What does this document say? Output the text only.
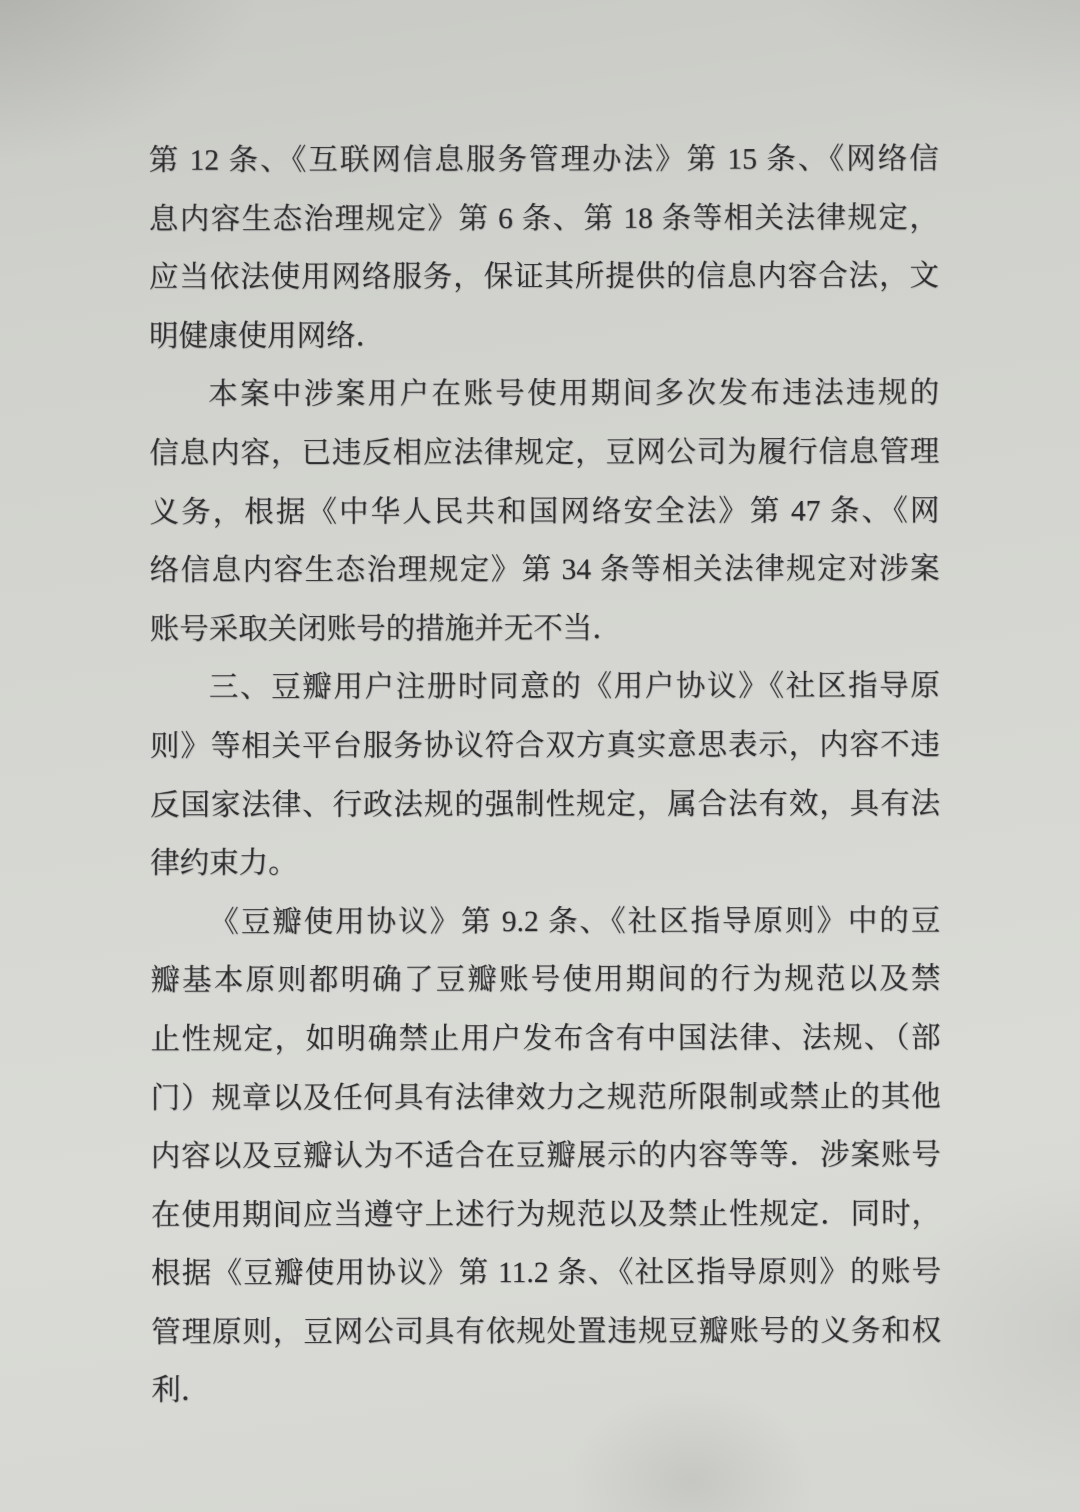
第 12 条、《互联网信息服务管理办法》第 15 条、《网络信
息内容生态治理规定》第 6 条、第 18 条等相关法律规定，
应当依法使用网络服务，保证其所提供的信息内容合法，文
明健康使用网络．
本案中涉案用户在账号使用期间多次发布违法违规的
信息内容，已违反相应法律规定，豆网公司为履行信息管理
义务，根据《中华人民共和国网络安全法》第 47 条、《网
络信息内容生态治理规定》第 34 条等相关法律规定对涉案
账号采取关闭账号的措施并无不当．
三、豆瓣用户注册时同意的《用户协议》《社区指导原
则》等相关平台服务协议符合双方真实意思表示，内容不违
反国家法律、行政法规的强制性规定，属合法有效，具有法
律约束力。
《豆瓣使用协议》第 9.2 条、《社区指导原则》中的豆
瓣基本原则都明确了豆瓣账号使用期间的行为规范以及禁
止性规定，如明确禁止用户发布含有中国法律、法规、（部
门）规章以及任何具有法律效力之规范所限制或禁止的其他
内容以及豆瓣认为不适合在豆瓣展示的内容等等．涉案账号
在使用期间应当遵守上述行为规范以及禁止性规定．同时，
根据《豆瓣使用协议》第 11.2 条、《社区指导原则》的账号
管理原则，豆网公司具有依规处置违规豆瓣账号的义务和权
利．
